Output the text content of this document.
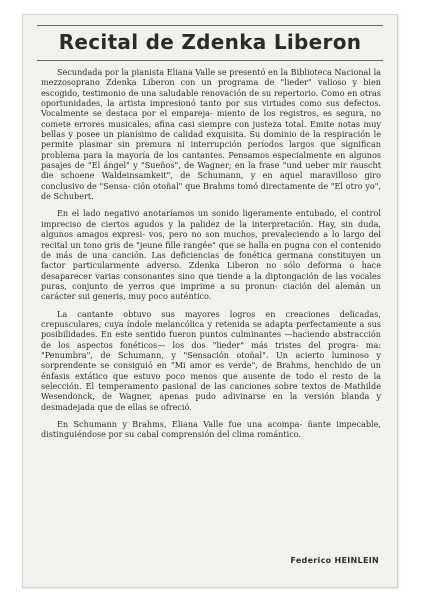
Recital de Zdenka Liberon

Secundada por la pianista Eliana Valle se presentó en la Biblioteca Nacional la mezzosoprano Zdenka Liberon con un programa de "lieder" valioso y bien escogido, testimonio de una saludable renovación de su repertorio. Como en otras oportunidades, la artista impresionó tanto por sus virtudes como sus defectos. Vocalmente se destaca por el empareja- miento de los registros, es segura, no comete errores musicales, afina casi siempre con justeza total. Emite notas muy bellas y posee un pianísimo de calidad exquisita. Su dominio de la respiración le permite plasmar sin premura ni interrupción períodos largos que significan problema para la mayoría de los cantantes. Pensamos especialmente en algunos pasajes de "El ángel" y "Sueños", de Wagner; en la frase "und ueber mir rauscht die schoene Waldeinsamkeit", de Schumann, y en aquel maravilloso giro conclusivo de "Sensa- ción otoñal" que Brahms tomó directamente de "El otro yo", de Schubert.

En el lado negativo anotaríamos un sonido ligeramente entubado, el control impreciso de ciertos agudos y la palidez de la interpretación. Hay, sin duda, algunos amagos expresi- vos, pero no son muchos, prevaleciendo a lo largo del recital un tono gris de "jeune fille rangée" que se halla en pugna con el contenido de más de una canción. Las deficiencias de fonética germana constituyen un factor particularmente adverso. Zdenka Liberon no sólo deforma o hace desaparecer varias consonantes sino que tiende a la diptongación de las vocales puras, conjunto de yerros que imprime a su pronun- ciación del alemán un carácter sui generis, muy poco auténtico.

La cantante obtuvo sus mayores logros en creaciones delicadas, crepusculares, cuya índole melancólica y retenida se adapta perfectamente a sus posibilidades. En este sentido fueron puntos culminantes —haciendo abstracción de los aspectos fonéticos— los dos "lieder" más tristes del progra- ma: "Penumbra", de Schumann, y "Sensación otoñal". Un acierto luminoso y sorprendente se consiguió en "Mi amor es verde", de Brahms, henchido de un énfasis extático que estuvo poco menos que ausente de todo el resto de la selección. El temperamento pasional de las canciones sobre textos de Mathilde Wesendonck, de Wagner, apenas pudo adivinarse en la versión blanda y desmadejada que de ellas se ofreció.

En Schumann y Brahms, Eliana Valle fue una acompa- ñante impecable, distinguiéndose por su cabal comprensión del clima romántico.

Federico HEINLEIN
